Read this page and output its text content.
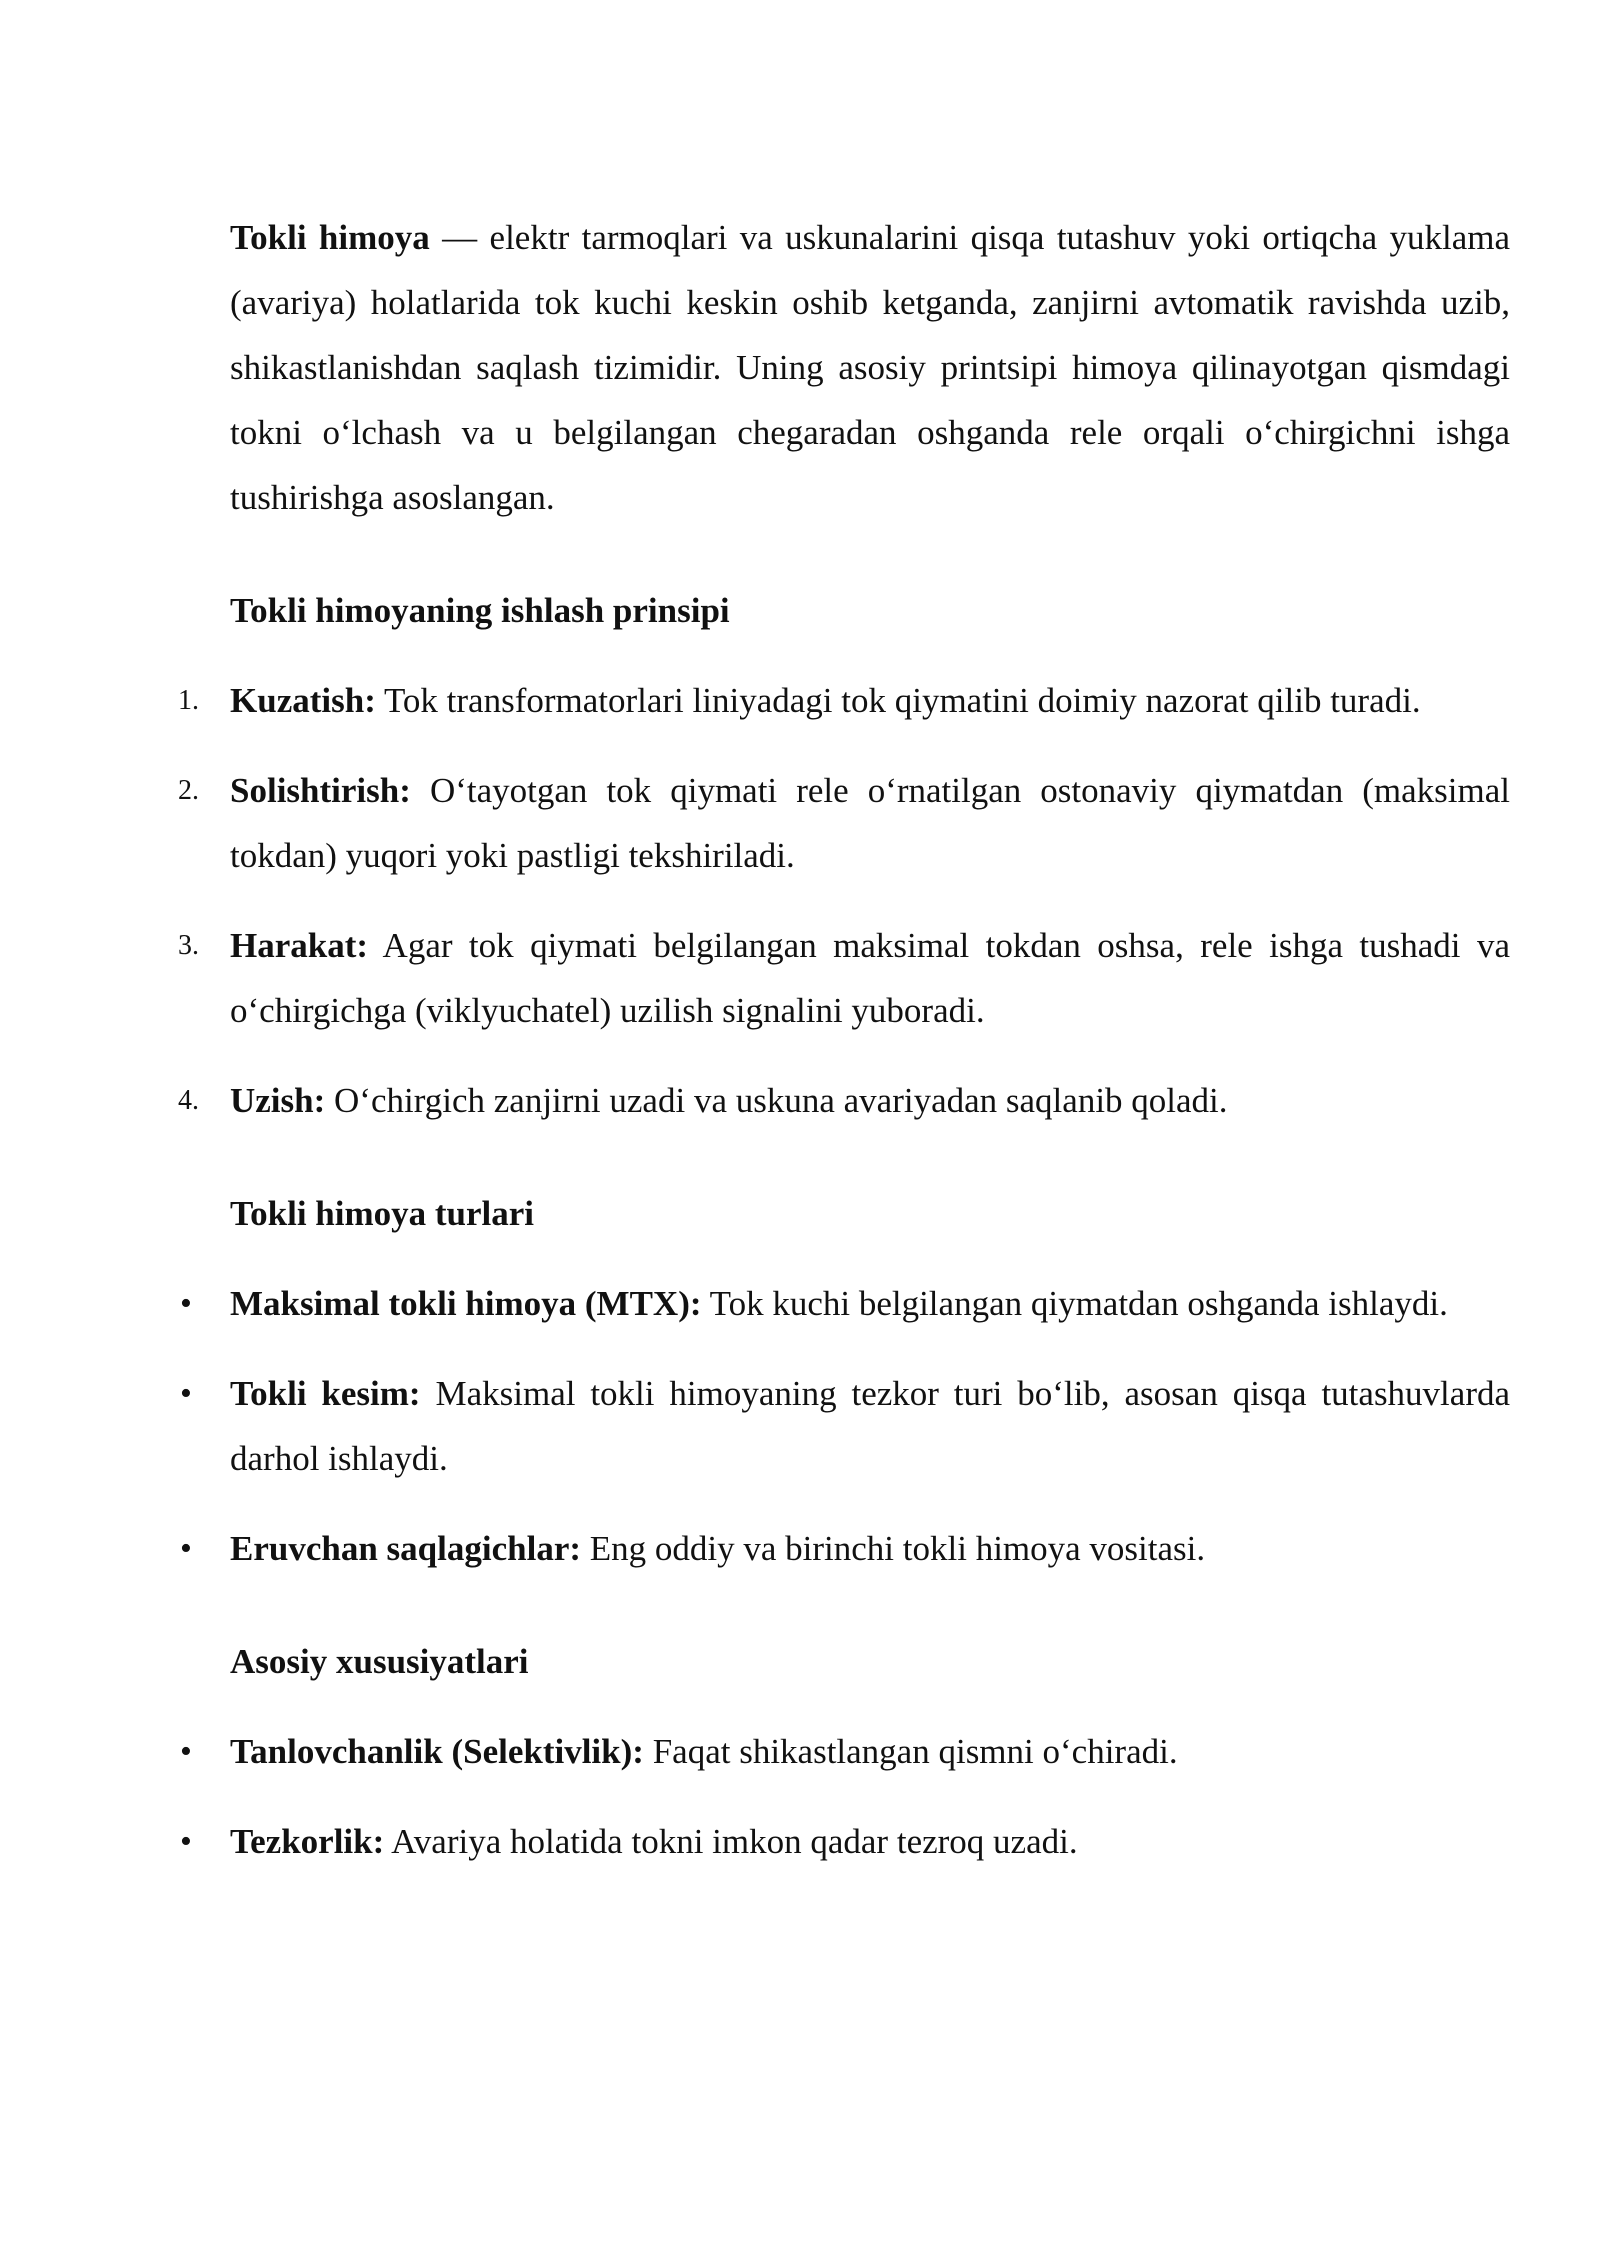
Tokli himoya — elektr tarmoqlari va uskunalarini qisqa tutashuv yoki ortiqcha yuklama (avariya) holatlarida tok kuchi keskin oshib ketganda, zanjirni avtomatik ravishda uzib, shikastlanishdan saqlash tizimidir. Uning asosiy printsipi himoya qilinayotgan qismdagi tokni o‘lchash va u belgilangan chegaradan oshganda rele orqali o‘chirgichni ishga tushirishga asoslangan.

Tokli himoyaning ishlash prinsipi
1. Kuzatish: Tok transformatorlari liniyadagi tok qiymatini doimiy nazorat qilib turadi.
2. Solishtirish: O‘tayotgan tok qiymati rele o‘rnatilgan ostonaviy qiymatdan (maksimal tokdan) yuqori yoki pastligi tekshiriladi.
3. Harakat: Agar tok qiymati belgilangan maksimal tokdan oshsa, rele ishga tushadi va o‘chirgichga (viklyuchatel) uzilish signalini yuboradi.
4. Uzish: O‘chirgich zanjirni uzadi va uskuna avariyadan saqlanib qoladi.
Tokli himoya turlari
•	Maksimal tokli himoya (MTX): Tok kuchi belgilangan qiymatdan oshganda ishlaydi.
•	Tokli kesim: Maksimal tokli himoyaning tezkor turi bo‘lib, asosan qisqa tutashuvlarda darhol ishlaydi.
•	Eruvchan saqlagichlar: Eng oddiy va birinchi tokli himoya vositasi.
Asosiy xususiyatlari
•	Tanlovchanlik (Selektivlik): Faqat shikastlangan qismni o‘chiradi.
•	Tezkorlik: Avariya holatida tokni imkon qadar tezroq uzadi.
